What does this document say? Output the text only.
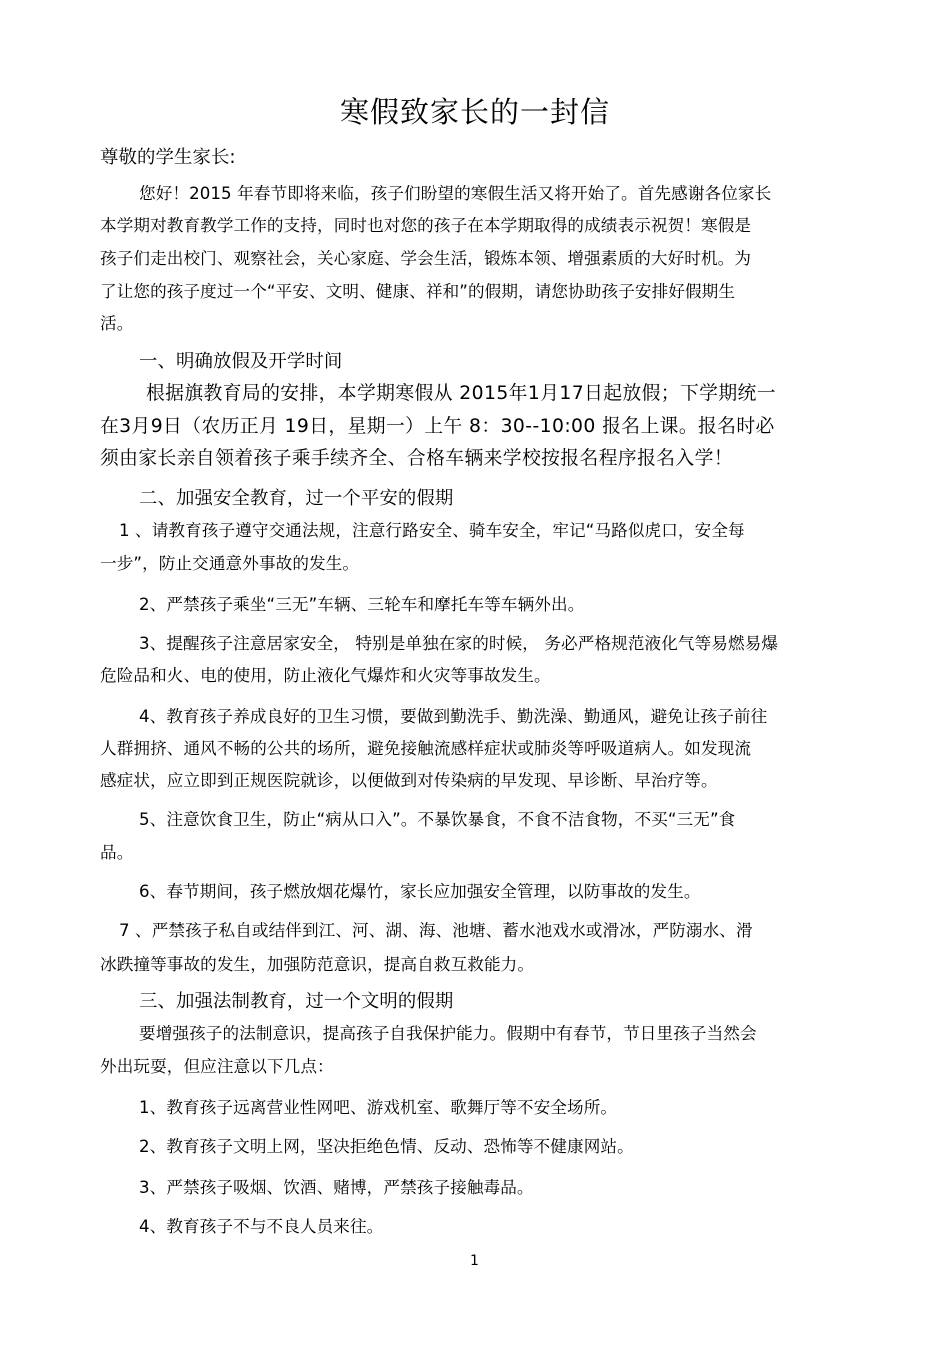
寒假致家长的一封信

尊敬的学生家长:

您好！2015 年春节即将来临，孩子们盼望的寒假生活又将开始了。首先感谢各位家长

本学期对教育教学工作的支持，同时也对您的孩子在本学期取得的成绩表示祝贺！寒假是

孩子们走出校门、观察社会，关心家庭、学会生活，锻炼本领、增强素质的大好时机。为

了让您的孩子度过一个“平安、文明、健康、祥和”的假期，请您协助孩子安排好假期生

活。

一、明确放假及开学时间

根据旗教育局的安排，本学期寒假从 2015年1月17日起放假；下学期统一

在3月9日（农历正月 19日，星期一）上午 8：30--10:00 报名上课。报名时必

须由家长亲自领着孩子乘手续齐全、合格车辆来学校按报名程序报名入学！

二、加强安全教育，过一个平安的假期

1 、请教育孩子遵守交通法规，注意行路安全、骑车安全，牢记“马路似虎口，安全每

一步”，防止交通意外事故的发生。

2、严禁孩子乘坐“三无”车辆、三轮车和摩托车等车辆外出。

3、提醒孩子注意居家安全， 特别是单独在家的时候， 务必严格规范液化气等易燃易爆

危险品和火、电的使用，防止液化气爆炸和火灾等事故发生。

4、教育孩子养成良好的卫生习惯，要做到勤洗手、勤洗澡、勤通风，避免让孩子前往

人群拥挤、通风不畅的公共的场所，避免接触流感样症状或肺炎等呼吸道病人。如发现流

感症状，应立即到正规医院就诊，以便做到对传染病的早发现、早诊断、早治疗等。

5、注意饮食卫生，防止“病从口入”。不暴饮暴食，不食不洁食物，不买“三无”食

品。

6、春节期间，孩子燃放烟花爆竹，家长应加强安全管理，以防事故的发生。

7 、严禁孩子私自或结伴到江、河、湖、海、池塘、蓄水池戏水或滑冰，严防溺水、滑

冰跌撞等事故的发生，加强防范意识，提高自救互救能力。

三、加强法制教育，过一个文明的假期

要增强孩子的法制意识，提高孩子自我保护能力。假期中有春节，节日里孩子当然会

外出玩耍，但应注意以下几点：

1、教育孩子远离营业性网吧、游戏机室、歌舞厅等不安全场所。

2、教育孩子文明上网，坚决拒绝色情、反动、恐怖等不健康网站。

3、严禁孩子吸烟、饮酒、赌博，严禁孩子接触毒品。

4、教育孩子不与不良人员来往。

1
